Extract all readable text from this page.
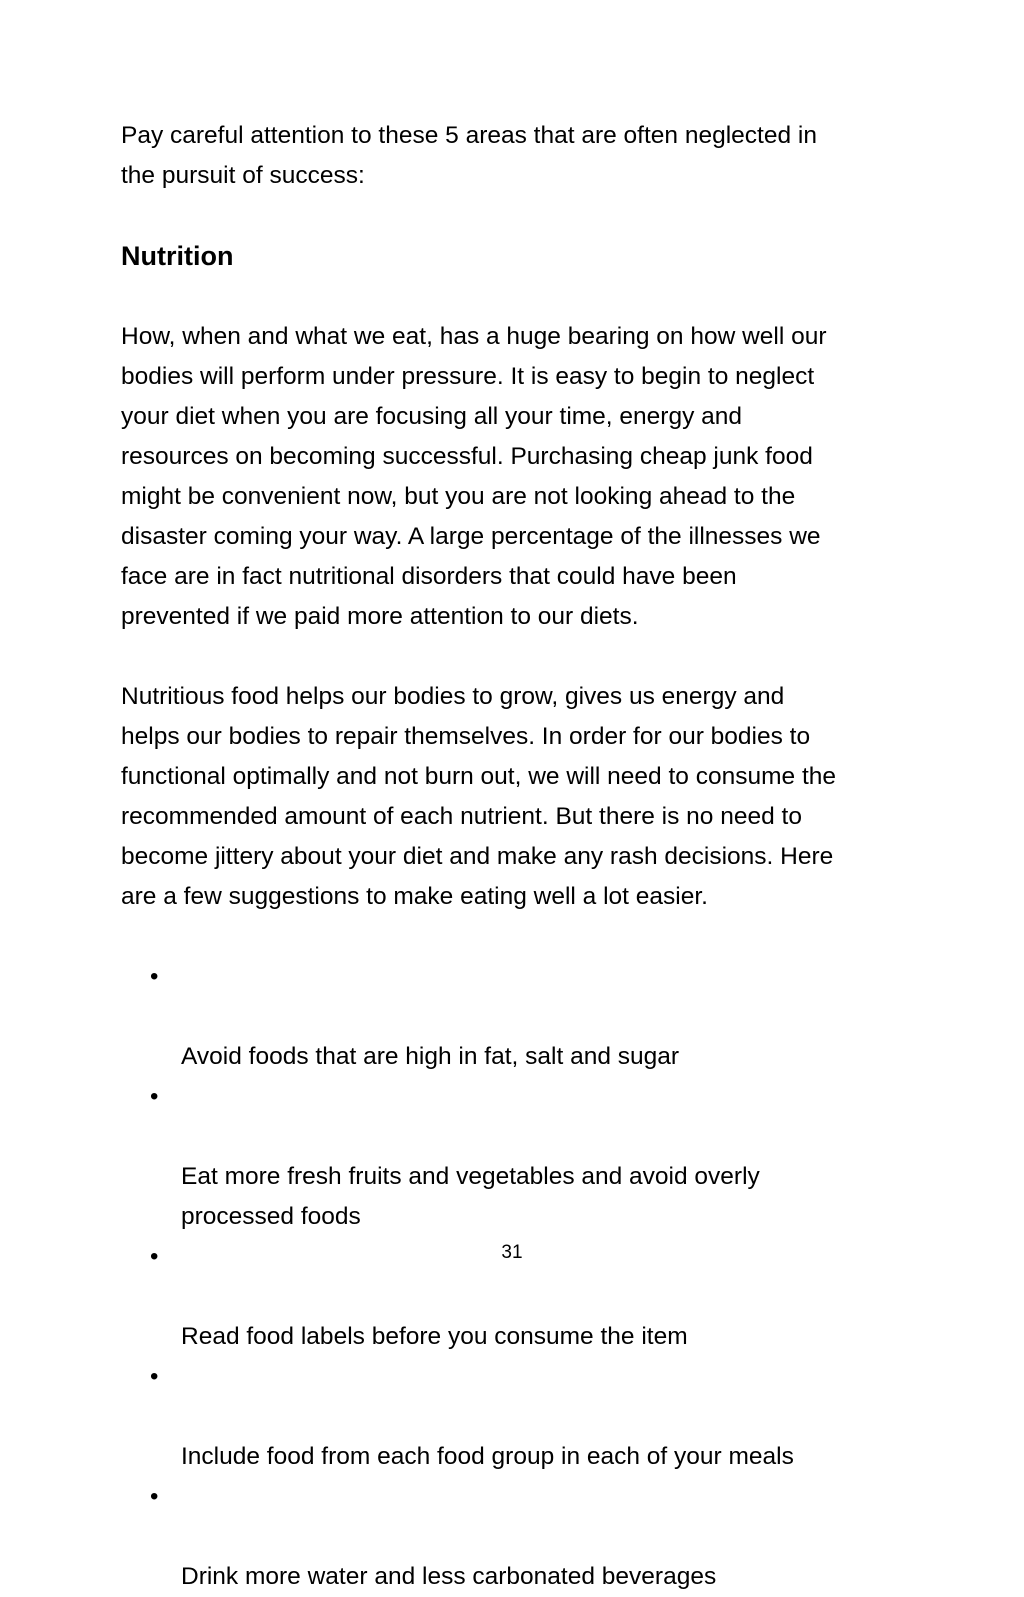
Pay careful attention to these 5 areas that are often neglected in
the pursuit of success:

Nutrition

How, when and what we eat, has a huge bearing on how well our
bodies will perform under pressure. It is easy to begin to neglect
your diet when you are focusing all your time, energy and
resources on becoming successful. Purchasing cheap junk food
might be convenient now, but you are not looking ahead to the
disaster coming your way. A large percentage of the illnesses we
face are in fact nutritional disorders that could have been
prevented if we paid more attention to our diets.

Nutritious food helps our bodies to grow, gives us energy and
helps our bodies to repair themselves. In order for our bodies to
functional optimally and not burn out, we will need to consume the
recommended amount of each nutrient. But there is no need to
become jittery about your diet and make any rash decisions. Here
are a few suggestions to make eating well a lot easier.

•

Avoid foods that are high in fat, salt and sugar

•

Eat more fresh fruits and vegetables and avoid overly
processed foods

•

Read food labels before you consume the item

•

Include food from each food group in each of your meals

•

Drink more water and less carbonated beverages

31
